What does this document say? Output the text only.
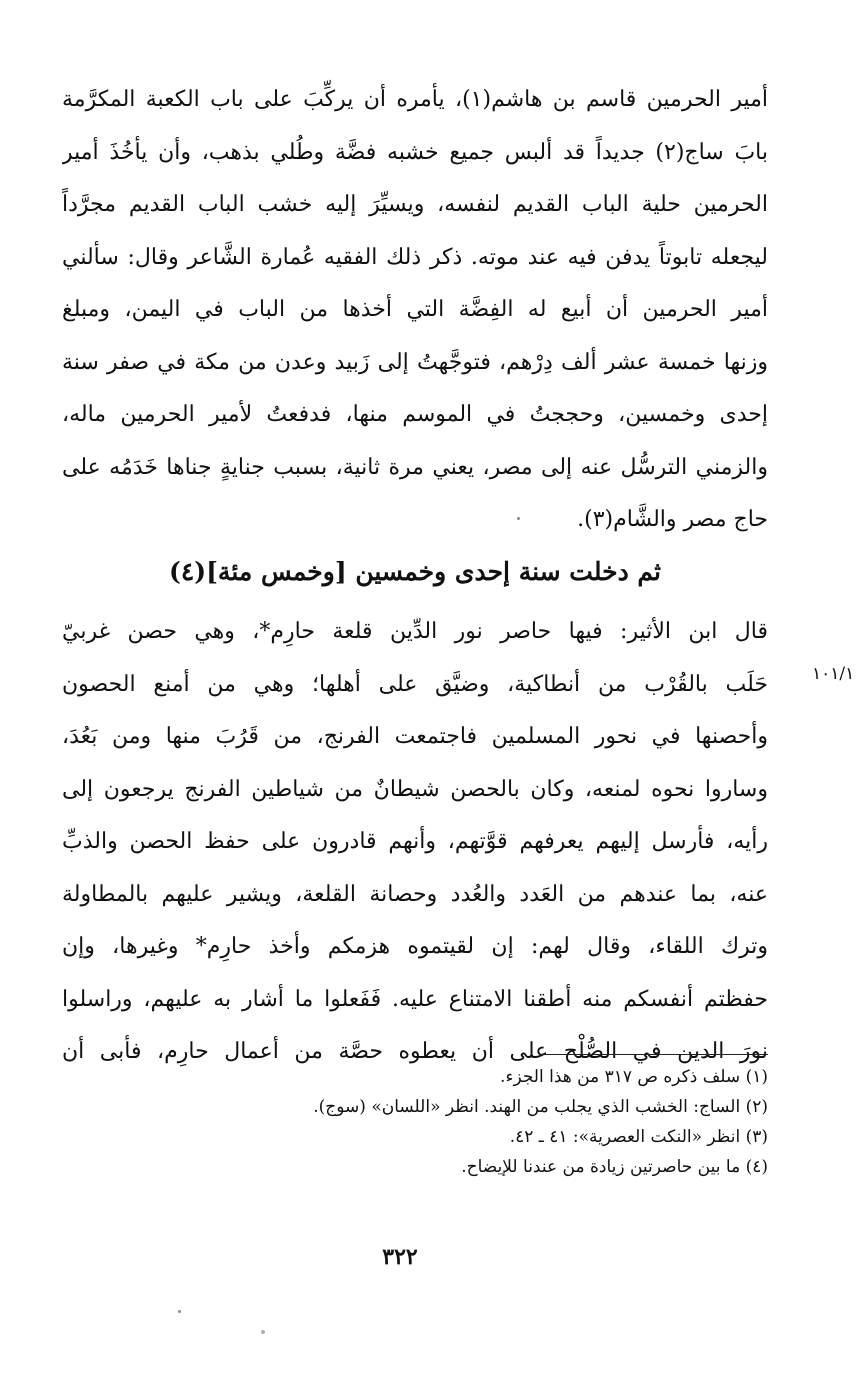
أمير الحرمين قاسم بن هاشم(١)، يأمره أن يركِّبَ على باب الكعبة المكرَّمة
بابَ ساج(٢) جديداً قد ألبس جميع خشبه فضَّة وطُلي بذهب، وأن يأخُذَ أمير
الحرمين حلية الباب القديم لنفسه، ويسيِّرَ إليه خشب الباب القديم مجرَّداً
ليجعله تابوتاً يدفن فيه عند موته. ذكر ذلك الفقيه عُمارة الشَّاعر وقال: سألني
أمير الحرمين أن أبيع له الفِضَّة التي أخذها من الباب في اليمن، ومبلغ
وزنها خمسة عشر ألف دِرْهم، فتوجَّهتُ إلى زَبيد وعدن من مكة في صفر سنة
إحدى وخمسين، وحججتُ في الموسم منها، فدفعتُ لأمير الحرمين ماله،
والزمني الترسُّل عنه إلى مصر، يعني مرة ثانية، بسبب جنايةٍ جناها خَدَمُه على
حاج مصر والشَّام(٣).
ثم دخلت سنة إحدى وخمسين [وخمس مئة](٤)
١٠١/١
قال ابن الأثير: فيها حاصر نور الدِّين قلعة حارِم*، وهي حصن غربيّ
حَلَب بالقُرْب من أنطاكية، وضيَّق على أهلها؛ وهي من أمنع الحصون
وأحصنها في نحور المسلمين فاجتمعت الفرنج، من قَرُبَ منها ومن بَعُدَ،
وساروا نحوه لمنعه، وكان بالحصن شيطانٌ من شياطين الفرنج يرجعون إلى
رأيه، فأرسل إليهم يعرفهم قوَّتهم، وأنهم قادرون على حفظ الحصن والذبِّ
عنه، بما عندهم من العَدد والعُدد وحصانة القلعة، ويشير عليهم بالمطاولة
وترك اللقاء، وقال لهم: إن لقيتموه هزمكم وأخذ حارِم* وغيرها، وإن
حفظتم أنفسكم منه أطقنا الامتناع عليه. فَفَعلوا ما أشار به عليهم، وراسلوا
نورَ الدين في الصُّلْح على أن يعطوه حصَّة من أعمال حارِم، فأبى أن
(١) سلف ذكره ص ٣١٧ من هذا الجزء.
(٢) الساج: الخشب الذي يجلب من الهند. انظر «اللسان» (سوج).
(٣) انظر «النكت العصرية»: ٤١ ـ ٤٢.
(٤) ما بين حاصرتين زيادة من عندنا للإيضاح.
٣٢٢
